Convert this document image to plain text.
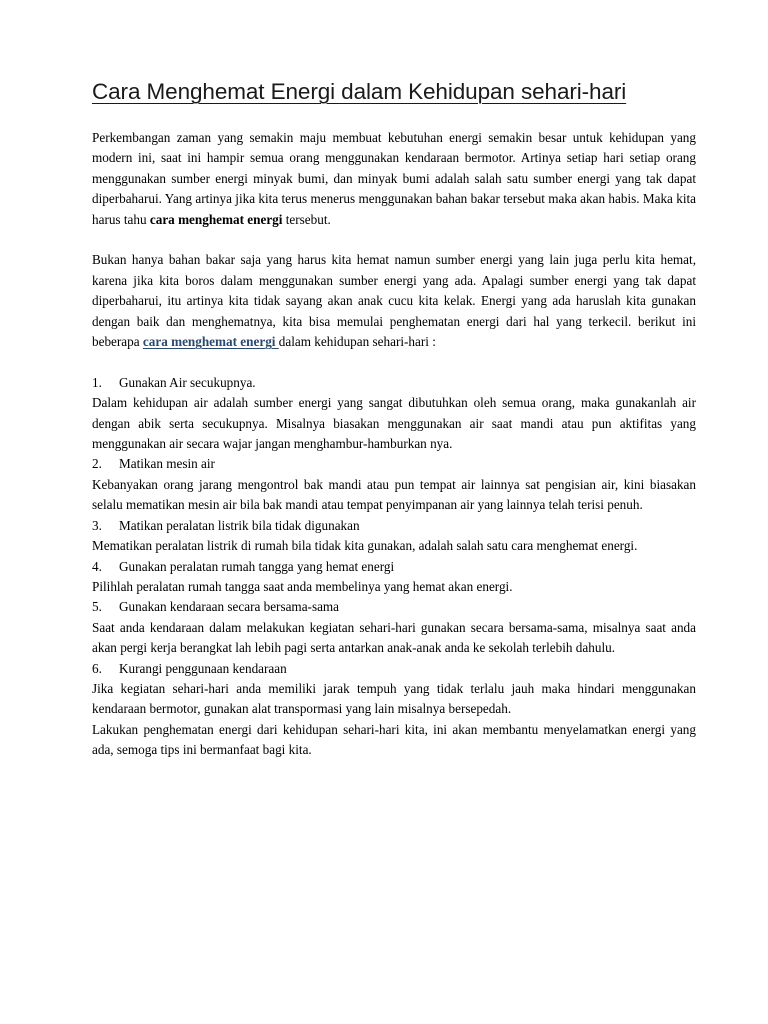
Cara Menghemat Energi dalam Kehidupan sehari-hari

Perkembangan zaman yang semakin maju membuat kebutuhan energi semakin besar untuk kehidupan yang modern ini, saat ini hampir semua orang menggunakan kendaraan bermotor. Artinya setiap hari setiap orang menggunakan sumber energi minyak bumi, dan minyak bumi adalah salah satu sumber energi yang tak dapat diperbaharui. Yang artinya jika kita terus menerus menggunakan bahan bakar tersebut maka akan habis. Maka kita harus tahu cara menghemat energi tersebut.

Bukan hanya bahan bakar saja yang harus kita hemat namun sumber energi yang lain juga perlu kita hemat, karena jika kita boros dalam menggunakan sumber energi yang ada. Apalagi sumber energi yang tak dapat diperbaharui, itu artinya kita tidak sayang akan anak cucu kita kelak. Energi yang ada haruslah kita gunakan dengan baik dan menghematnya, kita bisa memulai penghematan energi dari hal yang terkecil. berikut ini beberapa cara menghemat energi dalam kehidupan sehari-hari :

1. Gunakan Air secukupnya.
Dalam kehidupan air adalah sumber energi yang sangat dibutuhkan oleh semua orang, maka gunakanlah air dengan abik serta secukupnya. Misalnya biasakan menggunakan air saat mandi atau pun aktifitas yang menggunakan air secara wajar jangan menghambur-hamburkan nya.
2. Matikan mesin air
Kebanyakan orang jarang mengontrol bak mandi atau pun tempat air lainnya sat pengisian air, kini biasakan selalu mematikan mesin air bila bak mandi atau tempat penyimpanan air yang lainnya telah terisi penuh.
3. Matikan peralatan listrik bila tidak digunakan
Mematikan peralatan listrik di rumah bila tidak kita gunakan, adalah salah satu cara menghemat energi.
4. Gunakan peralatan rumah tangga yang hemat energi
Pilihlah peralatan rumah tangga saat anda membelinya yang hemat akan energi.
5. Gunakan kendaraan secara bersama-sama
Saat anda kendaraan dalam melakukan kegiatan sehari-hari gunakan secara bersama-sama, misalnya saat anda akan pergi kerja berangkat lah lebih pagi serta antarkan anak-anak anda ke sekolah terlebih dahulu.
6. Kurangi penggunaan kendaraan
Jika kegiatan sehari-hari anda memiliki jarak tempuh yang tidak terlalu jauh maka hindari menggunakan kendaraan bermotor, gunakan alat transpormasi yang lain misalnya bersepedah.

Lakukan penghematan energi dari kehidupan sehari-hari kita, ini akan membantu menyelamatkan energi yang ada, semoga tips ini bermanfaat bagi kita.
